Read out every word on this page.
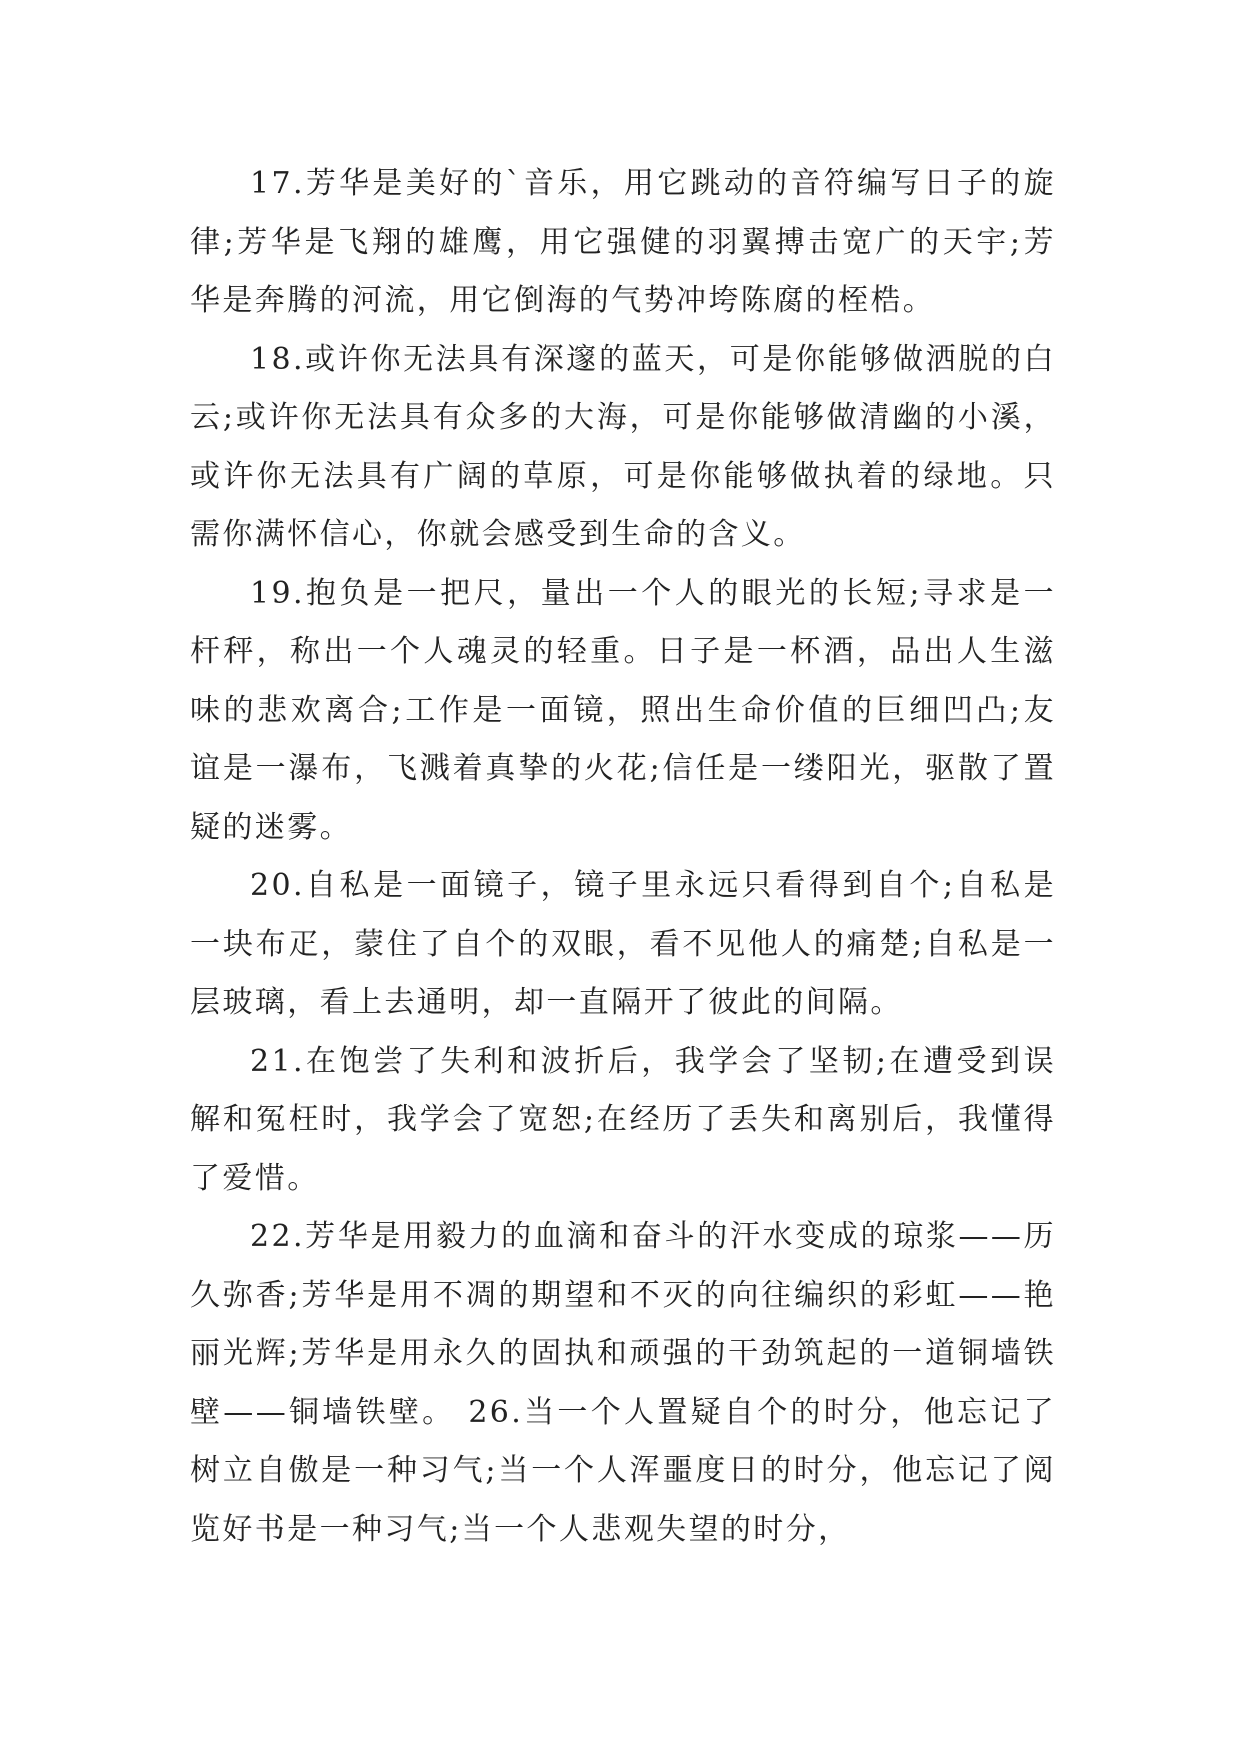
17.芳华是美好的`音乐，用它跳动的音符编写日子的旋律;芳华是飞翔的雄鹰，用它强健的羽翼搏击宽广的天宇;芳华是奔腾的河流，用它倒海的气势冲垮陈腐的桎梏。

18.或许你无法具有深邃的蓝天，可是你能够做洒脱的白云;或许你无法具有众多的大海，可是你能够做清幽的小溪，或许你无法具有广阔的草原，可是你能够做执着的绿地。只需你满怀信心，你就会感受到生命的含义。

19.抱负是一把尺，量出一个人的眼光的长短;寻求是一杆秤，称出一个人魂灵的轻重。日子是一杯酒，品出人生滋味的悲欢离合;工作是一面镜，照出生命价值的巨细凹凸;友谊是一瀑布，飞溅着真挚的火花;信任是一缕阳光，驱散了置疑的迷雾。

20.自私是一面镜子，镜子里永远只看得到自个;自私是一块布疋，蒙住了自个的双眼，看不见他人的痛楚;自私是一层玻璃，看上去通明，却一直隔开了彼此的间隔。

21.在饱尝了失利和波折后，我学会了坚韧;在遭受到误解和冤枉时，我学会了宽恕;在经历了丢失和离别后，我懂得了爱惜。

22.芳华是用毅力的血滴和奋斗的汗水变成的琼浆——历久弥香;芳华是用不凋的期望和不灭的向往编织的彩虹——艳丽光辉;芳华是用永久的固执和顽强的干劲筑起的一道铜墙铁壁——铜墙铁壁。 26.当一个人置疑自个的时分，他忘记了树立自傲是一种习气;当一个人浑噩度日的时分，他忘记了阅览好书是一种习气;当一个人悲观失望的时分，
